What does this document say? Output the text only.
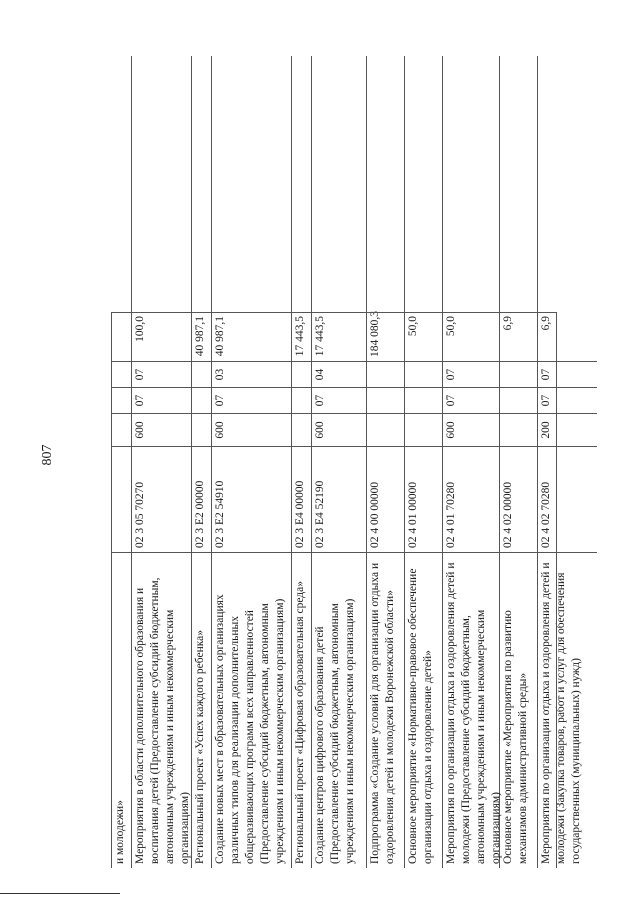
807
и молодежи» Мероприятия в области дополнительного образования и воспитания детей (Предоставление субсидий бюджетным, автономным учреждениям и иным некоммерческим организациям)
02 3 05 70270
600
07
07
100,0
Региональный проект «Успех каждого ребенка»
02 3 E2 00000
40 987,1
Создание новых мест в образовательных организациях различных типов для реализации дополнительных общеразвивающих программ всех направленностей (Предоставление субсидий бюджетным, автономным учреждениям и иным некоммерческим организациям)
02 3 E2 54910
600
07
03
40 987,1
Региональный проект «Цифровая образовательная среда»
02 3 E4 00000
17 443,5
Создание центров цифрового образования детей (Предоставление субсидий бюджетным, автономным учреждениям и иным некоммерческим организациям)
02 3 E4 52190
600
07
04
17 443,5
Подпрограмма «Создание условий для организации отдыха и оздоровления детей и молодежи Воронежской области»
02 4 00 00000
184 080,3
Основное мероприятие «Нормативно-правовое обеспечение организации отдыха и оздоровление детей»
02 4 01 00000
50,0
Мероприятия по организации отдыха и оздоровления детей и молодежи (Предоставление субсидий бюджетным, автономным учреждениям и иным некоммерческим организациям)
02 4 01 70280
600
07
07
50,0
Основное мероприятие «Мероприятия по развитию механизмов административной среды»
02 4 02 00000
6,9
Мероприятия по организации отдыха и оздоровления детей и молодежи (Закупка товаров, работ и услуг для обеспечения государственных (муниципальных) нужд)
02 4 02 70280
200
07
07
6,9
